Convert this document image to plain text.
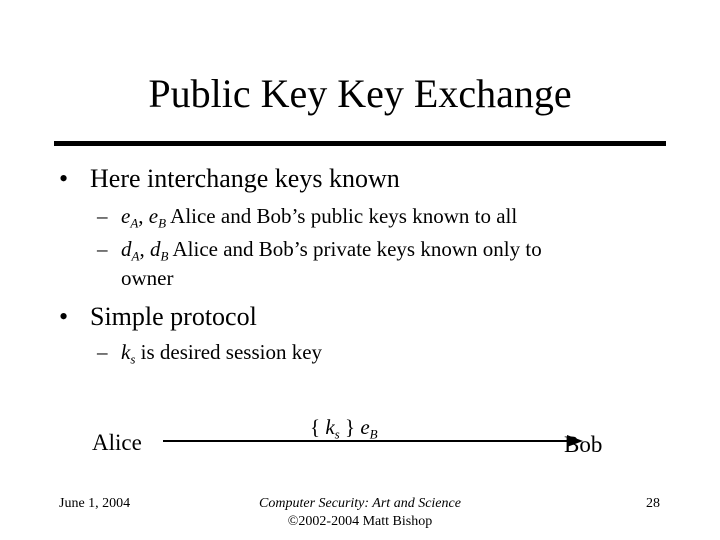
Public Key Key Exchange
• Here interchange keys known
– $e_A$, $e_B$ Alice and Bob’s public keys known to all
– $d_A$, $d_B$ Alice and Bob’s private keys known only to
owner
• Simple protocol
– $k_s$ is desired session key
Alice
{ $k_s$ } $e_B$	Bob
June 1, 2004	Computer Security: Art and Science
©2002-2004 Matt Bishop
28
